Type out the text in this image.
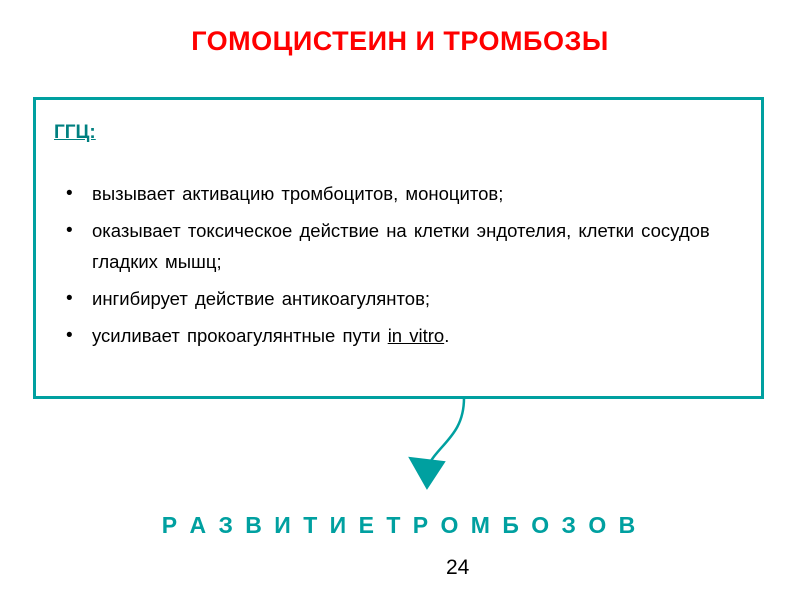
ГОМОЦИСТЕИН И ТРОМБОЗЫ
ГГЦ:
• вызывает активацию тромбоцитов, моноцитов;
• оказывает токсическое действие на клетки эндотелия, клетки сосудов гладких мышц;
• ингибирует действие антикоагулянтов;
• усиливает прокоагулянтные пути in vitro.
Р А З В И Т И Е Т Р О М Б О З О В
24
